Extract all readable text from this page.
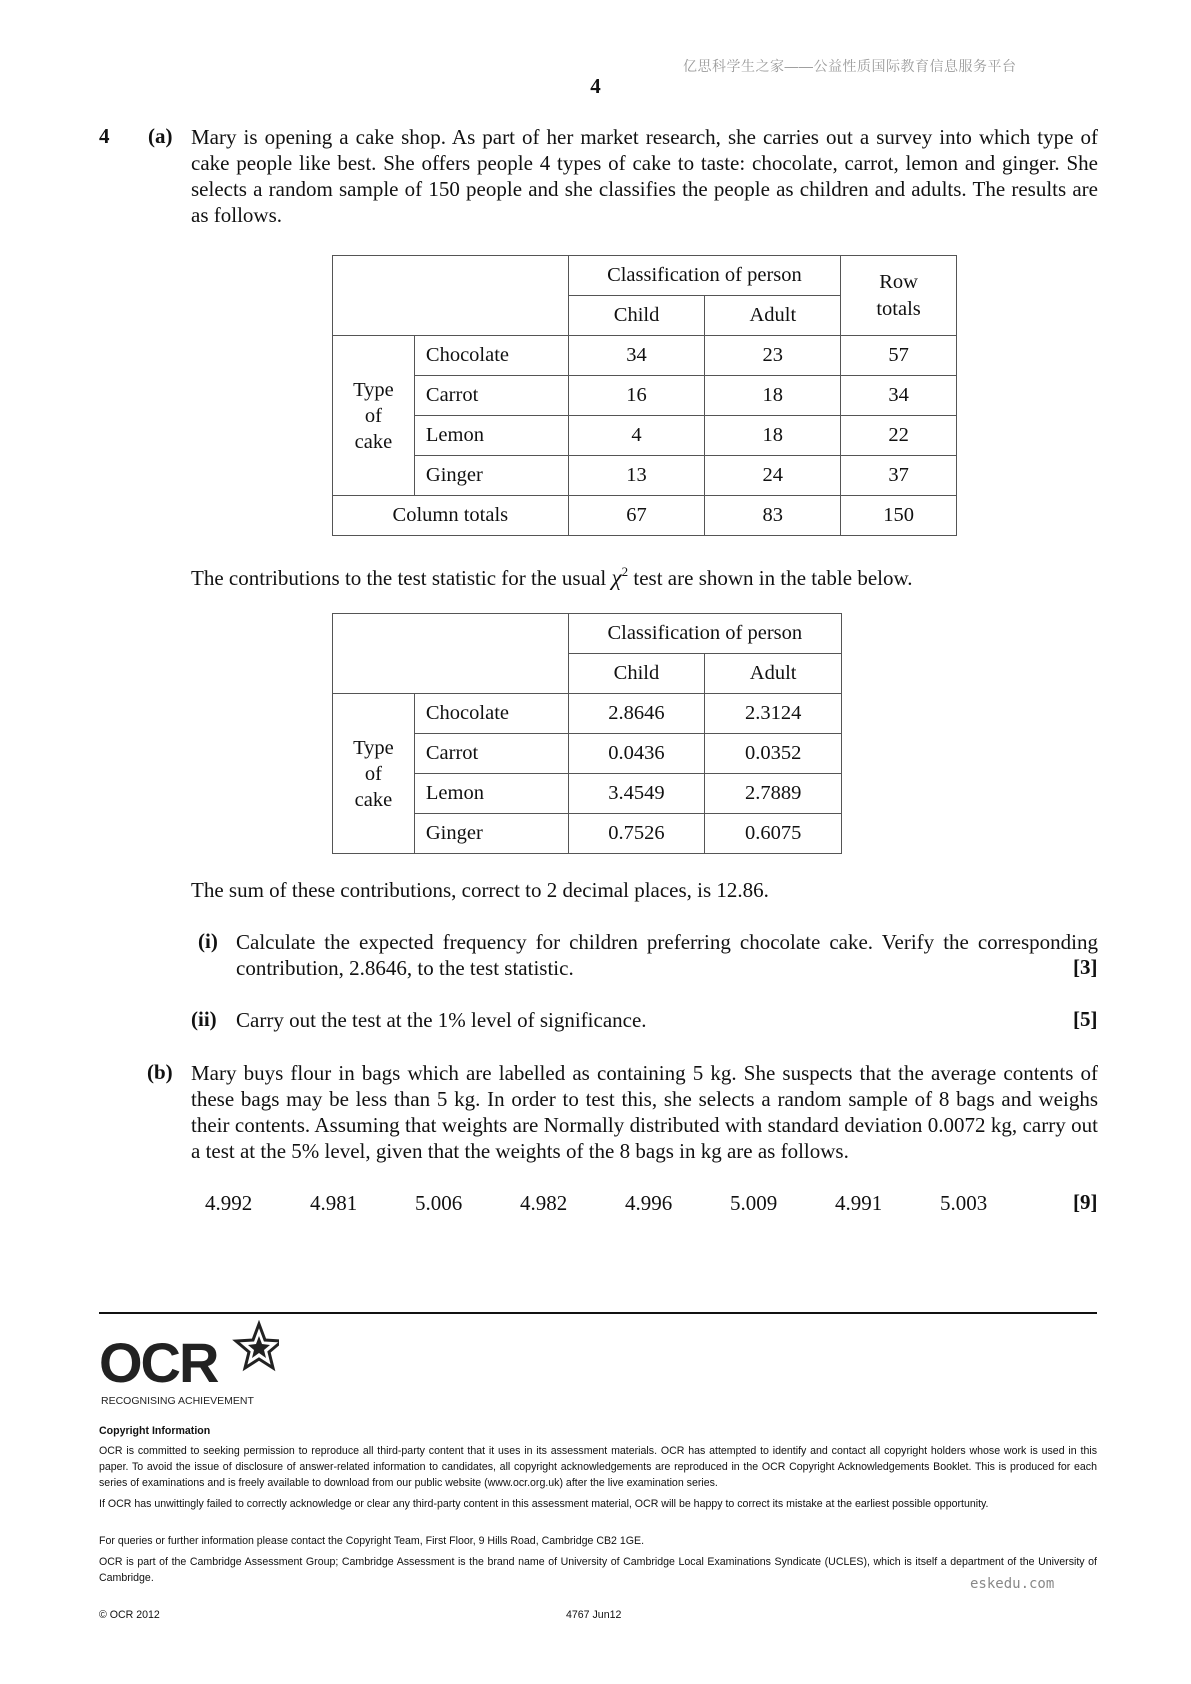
亿思科学生之家——公益性质国际教育信息服务平台
4
4 (a) Mary is opening a cake shop. As part of her market research, she carries out a survey into which type of cake people like best. She offers people 4 types of cake to taste: chocolate, carrot, lemon and ginger. She selects a random sample of 150 people and she classifies the people as children and adults. The results are as follows.
		Classification of person		Row totals
		Child	Adult	
Type of cake	Chocolate	34	23	57
	Carrot	16	18	34
	Lemon	4	18	22
	Ginger	13	24	37
Column totals		67	83	150
The contributions to the test statistic for the usual $\chi^2$ test are shown in the table below.
		Classification of person	
		Child	Adult
Type of cake	Chocolate	2.8646	2.3124
	Carrot	0.0436	0.0352
	Lemon	3.4549	2.7889
	Ginger	0.7526	0.6075
The sum of these contributions, correct to 2 decimal places, is 12.86.
(i) Calculate the expected frequency for children preferring chocolate cake. Verify the corresponding contribution, 2.8646, to the test statistic.	[3]
(ii) Carry out the test at the 1% level of significance.	[5]
(b) Mary buys flour in bags which are labelled as containing 5 kg. She suspects that the average contents of these bags may be less than 5 kg. In order to test this, she selects a random sample of 8 bags and weighs their contents. Assuming that weights are Normally distributed with standard deviation 0.0072 kg, carry out a test at the 5% level, given that the weights of the 8 bags in kg are as follows.
4.992	4.981	5.006	4.982	4.996	5.009	4.991	5.003	[9]
OCR
RECOGNISING ACHIEVEMENT
Copyright Information
OCR is committed to seeking permission to reproduce all third-party content that it uses in its assessment materials. OCR has attempted to identify and contact all copyright holders whose work is used in this paper. To avoid the issue of disclosure of answer-related information to candidates, all copyright acknowledgements are reproduced in the OCR Copyright Acknowledgements Booklet. This is produced for each series of examinations and is freely available to download from our public website (www.ocr.org.uk) after the live examination series.
If OCR has unwittingly failed to correctly acknowledge or clear any third-party content in this assessment material, OCR will be happy to correct its mistake at the earliest possible opportunity.
For queries or further information please contact the Copyright Team, First Floor, 9 Hills Road, Cambridge CB2 1GE.
OCR is part of the Cambridge Assessment Group; Cambridge Assessment is the brand name of University of Cambridge Local Examinations Syndicate (UCLES), which is itself a department of the University of Cambridge.	eskedu.com
© OCR 2012	4767 Jun12
